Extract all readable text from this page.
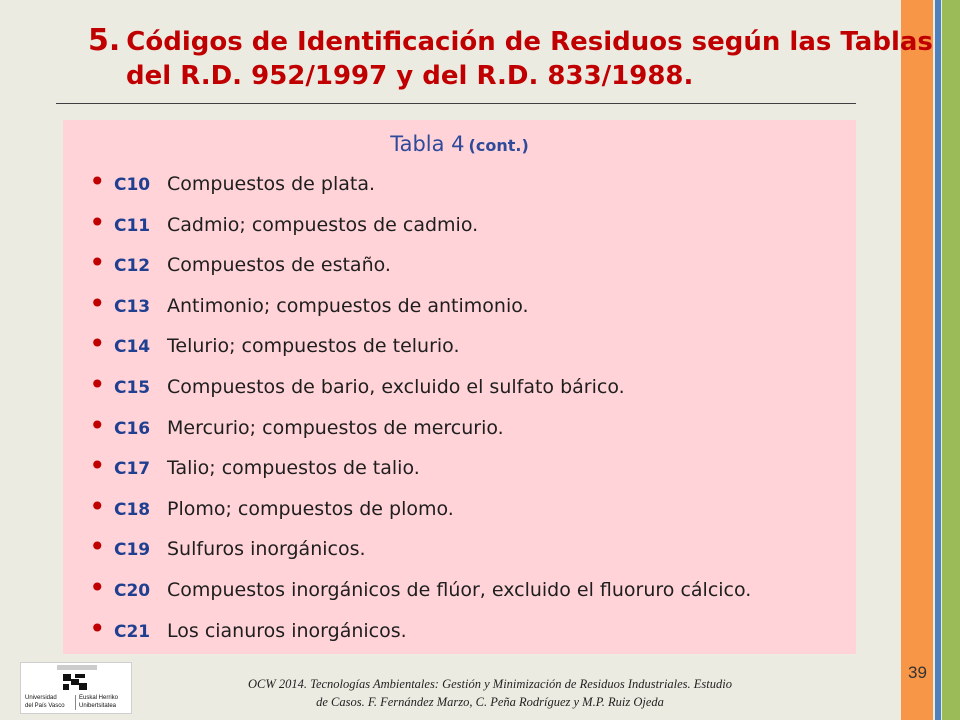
5. Códigos de Identificación de Residuos según las Tablas
del R.D. 952/1997 y del R.D. 833/1988.
Tabla 4 (cont.)
• C10 Compuestos de plata.
• C11 Cadmio; compuestos de cadmio.
• C12 Compuestos de estaño.
• C13 Antimonio; compuestos de antimonio.
• C14 Telurio; compuestos de telurio.
• C15 Compuestos de bario, excluido el sulfato bárico.
• C16 Mercurio; compuestos de mercurio.
• C17 Talio; compuestos de talio.
• C18 Plomo; compuestos de plomo.
• C19 Sulfuros inorgánicos.
• C20 Compuestos inorgánicos de flúor, excluido el fluoruro cálcico.
• C21 Los cianuros inorgánicos.
Universidad
del País Vasco
Euskal Herriko
Unibertsitatea
OCW 2014. Tecnologías Ambientales: Gestión y Minimización de Residuos Industriales. Estudio
de Casos. F. Fernández Marzo, C. Peña Rodríguez y M.P. Ruiz Ojeda
39
